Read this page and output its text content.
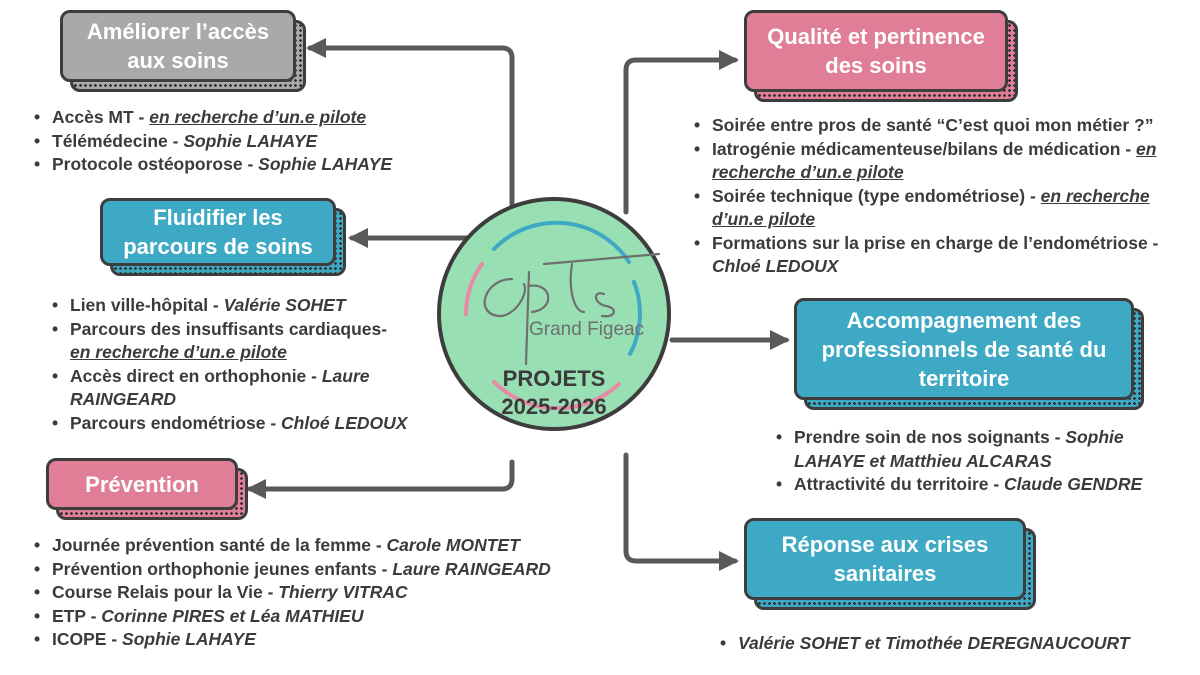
Grand Figeac
PROJETS
2025-2026
Améliorer l’accès aux soins
Fluidifier les parcours de soins
Prévention
Qualité et pertinence des soins
Accompagnement des professionnels de santé du territoire
Réponse aux crises sanitaires
• Accès MT - en recherche d’un.e pilote
• Télémédecine - Sophie LAHAYE
• Protocole ostéoporose - Sophie LAHAYE
• Lien ville-hôpital - Valérie SOHET
• Parcours des insuffisants cardiaques-
en recherche d’un.e pilote
• Accès direct en orthophonie - Laure RAINGEARD
• Parcours endométriose - Chloé LEDOUX
• Journée prévention santé de la femme - Carole MONTET
• Prévention orthophonie jeunes enfants - Laure RAINGEARD
• Course Relais pour la Vie - Thierry VITRAC
• ETP - Corinne PIRES et Léa MATHIEU
• ICOPE - Sophie LAHAYE
• Soirée entre pros de santé “C’est quoi mon métier ?”
• Iatrogénie médicamenteuse/bilans de médication - en recherche d’un.e pilote
• Soirée technique (type endométriose) - en recherche d’un.e pilote
• Formations sur la prise en charge de l’endométriose - Chloé LEDOUX
• Prendre soin de nos soignants - Sophie LAHAYE et Matthieu ALCARAS
• Attractivité du territoire - Claude GENDRE
• Valérie SOHET et Timothée DEREGNAUCOURT
